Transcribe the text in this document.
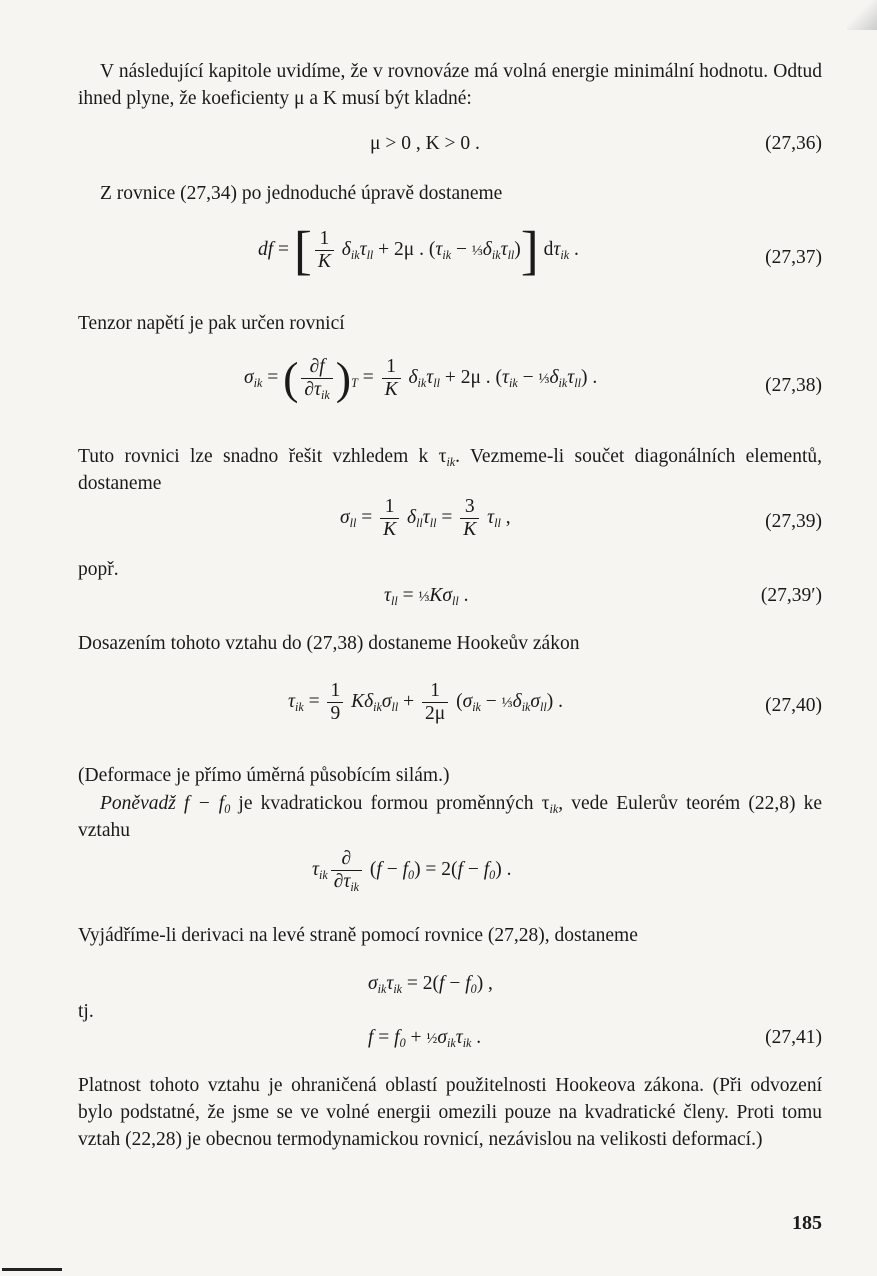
V následující kapitole uvidíme, že v rovnováze má volná energie minimální hodnotu. Odtud ihned plyne, že koeficienty μ a K musí být kladné:

μ > 0 , K > 0 .	(27,36)

Z rovnice (27,34) po jednoduché úpravě dostaneme

df = [ $\frac{1}{K} \delta_{ik}\tau_{ll} + 2\mu$ . ($\tau_{ik}$ − $\frac{1}{3}\delta_{ik}\tau_{ll}$)] $d\tau_{ik}$ .	(27,37)

Tenzor napětí je pak určen rovnicí

$\sigma_{ik}$ = ( $\frac{\partial f}{\partial\tau_{ik}} )_T = \frac{1}{K} \delta_{ik}\tau_{ll} + 2\mu$ . ($\tau_{ik}$ − $\frac{1}{3}\delta_{ik}\tau_{ll}$) .	(27,38)

Tuto rovnici lze snadno řešit vzhledem k $\tau_{ik}$. Vezmeme-li součet diagonálních elementů, dostaneme

$\sigma_{ll} = \frac{1}{K} \delta_{ll}\tau_{ll} = \frac{3}{K} \tau_{ll}$ ,	(27,39)
popř.
$\tau_{ll}$ = $\frac{1}{3}K\sigma_{ll}$ .	(27,39′)

Dosazením tohoto vztahu do (27,38) dostaneme Hookeův zákon

$\tau_{ik} = \frac{1}{9} K\delta_{ik}\sigma_{ll} + \frac{1}{2\mu} (\sigma_{ik}$ − $\frac{1}{3}\delta_{ik}\sigma_{ll}$) .	(27,40)

(Deformace je přímo úměrná působícím silám.)

Poněvadž $f - f_0$ je kvadratickou formou proměnných $\tau_{ik}$, vede Eulerův teorém (22,8) ke vztahu

$\tau_{ik} \frac{\partial}{\partial\tau_{ik}} (f - f_0) = 2(f - f_0)$ .

Vyjádříme-li derivaci na levé straně pomocí rovnice (27,28), dostaneme

$\sigma_{ik}\tau_{ik} = 2(f - f_0)$ ,
tj.
$f = f_0$ + $\frac{1}{2}\sigma_{ik}\tau_{ik}$ .	(27,41)

Platnost tohoto vztahu je ohraničená oblastí použitelnosti Hookeova zákona. (Při odvození bylo podstatné, že jsme se ve volné energii omezili pouze na kvadratické členy. Proti tomu vztah (22,28) je obecnou termodynamickou rovnicí, nezávislou na velikosti deformací.)

185
